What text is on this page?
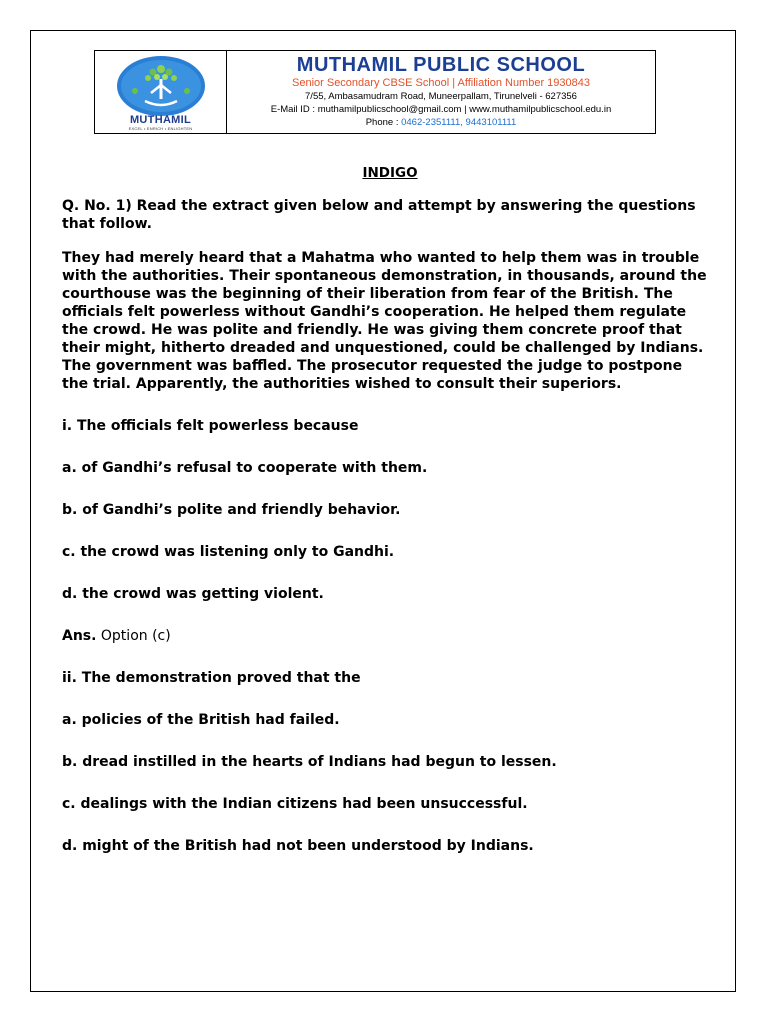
MUTHAMIL
EXCEL • ENRICH • ENLIGHTEN
MUTHAMIL PUBLIC SCHOOL
Senior Secondary CBSE School | Affiliation Number 1930843
7/55, Ambasamudram Road, Muneerpallam, Tirunelveli - 627356
E-Mail ID : muthamilpublicschool@gmail.com | www.muthamilpublicschool.edu.in
Phone : 0462-2351111, 9443101111

INDIGO

Q. No. 1) Read the extract given below and attempt by answering the questions that follow.

They had merely heard that a Mahatma who wanted to help them was in trouble with the authorities. Their spontaneous demonstration, in thousands, around the courthouse was the beginning of their liberation from fear of the British. The officials felt powerless without Gandhi’s cooperation. He helped them regulate the crowd. He was polite and friendly. He was giving them concrete proof that their might, hitherto dreaded and unquestioned, could be challenged by Indians. The government was baffled. The prosecutor requested the judge to postpone the trial. Apparently, the authorities wished to consult their superiors.

i. The officials felt powerless because

a. of Gandhi’s refusal to cooperate with them.

b. of Gandhi’s polite and friendly behavior.

c. the crowd was listening only to Gandhi.

d. the crowd was getting violent.

Ans. Option (c)

ii. The demonstration proved that the

a. policies of the British had failed.

b. dread instilled in the hearts of Indians had begun to lessen.

c. dealings with the Indian citizens had been unsuccessful.

d. might of the British had not been understood by Indians.
